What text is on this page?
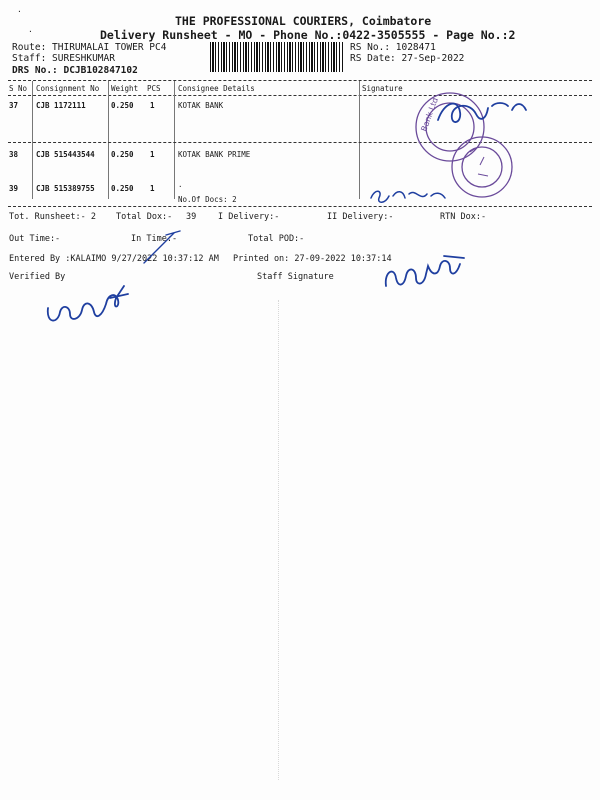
·
·
THE PROFESSIONAL COURIERS, Coimbatore
Delivery Runsheet - MO - Phone No.:0422-3505555 - Page No.:2
Route: THIRUMALAI TOWER PC4
Staff: SURESHKUMAR
DRS No.: DCJB102847102
RS No.: 1028471
RS Date: 27-Sep-2022
S No Consignment No Weight PCS Consignee Details	Signature
37 CJB 1172111	0.250 1	KOTAK BANK
38 CJB 515443544 0.250 1	KOTAK BANK PRIME
39 CJB 515389755 0.250 1	.
No.Of Docs: 2
Tot. Runsheet:- 2 Total Dox:- 39	I Delivery:-	II Delivery:-	RTN Dox:-
Out Time:-	In Time:-	Total POD:-
Entered By :KALAIMO 9/27/2022 10:37:12 AM Printed on: 27-09-2022 10:37:14
Verified By	Staff Signature
Bank Ltd
